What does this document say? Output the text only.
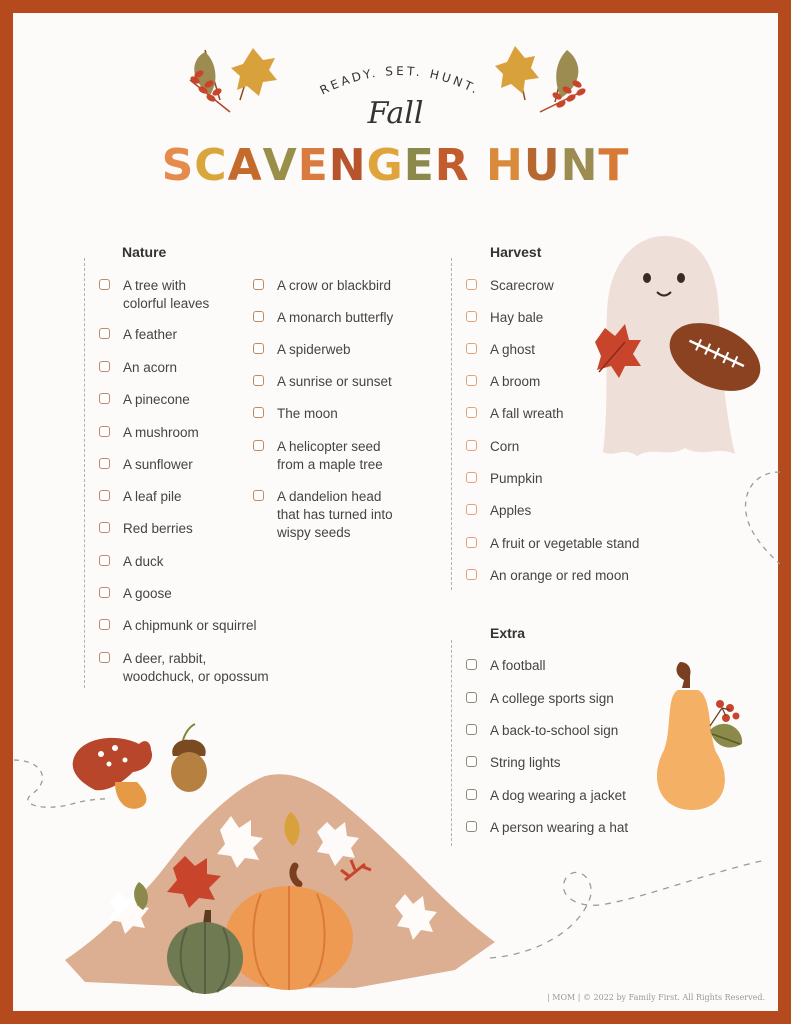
READY. SET. HUNT.
Fall
SCAVENGER HUNT
Nature
A tree with
colorful leaves
A feather
An acorn
A pinecone
A mushroom
A sunflower
A leaf pile
Red berries
A duck
A goose
A chipmunk or squirrel
A deer, rabbit,
woodchuck, or opossum
A crow or blackbird
A monarch butterfly
A spiderweb
A sunrise or sunset
The moon
A helicopter seed
from a maple tree
A dandelion head
that has turned into
wispy seeds
Harvest
Scarecrow
Hay bale
A ghost
A broom
A fall wreath
Corn
Pumpkin
Apples
A fruit or vegetable stand
An orange or red moon
Extra
A football
A college sports sign
A back-to-school sign
String lights
A dog wearing a jacket
A person wearing a hat
| MOM | © 2022 by Family First. All Rights Reserved.
